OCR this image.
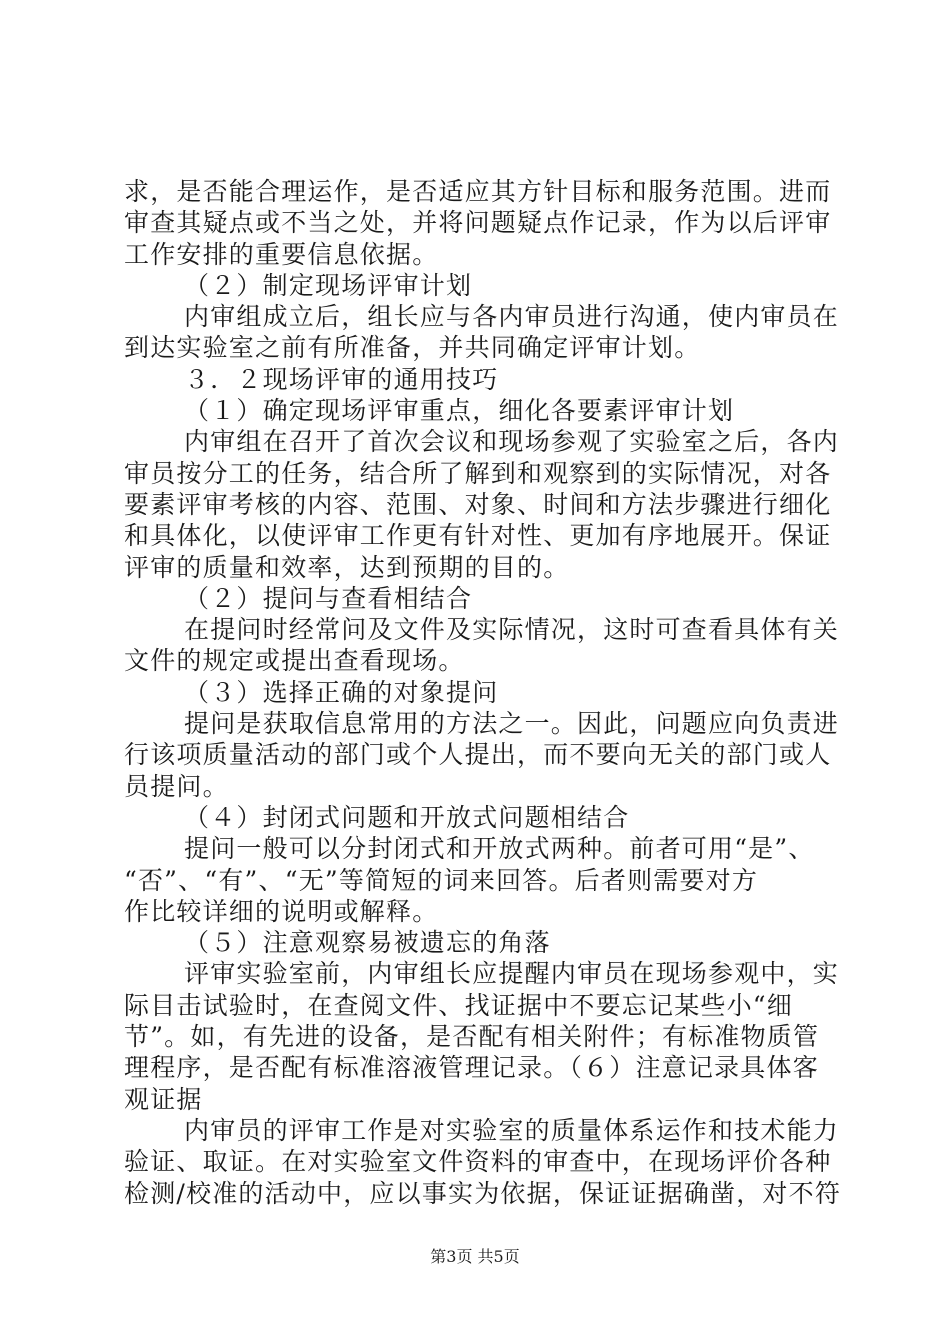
求，是否能合理运作，是否适应其方针目标和服务范围。进而
审查其疑点或不当之处，并将问题疑点作记录，作为以后评审
工作安排的重要信息依据。
（２）制定现场评审计划
内审组成立后，组长应与各内审员进行沟通，使内审员在
到达实验室之前有所准备，并共同确定评审计划。
３．２现场评审的通用技巧
（１）确定现场评审重点，细化各要素评审计划
内审组在召开了首次会议和现场参观了实验室之后，各内
审员按分工的任务，结合所了解到和观察到的实际情况，对各
要素评审考核的内容、范围、对象、时间和方法步骤进行细化
和具体化，以使评审工作更有针对性、更加有序地展开。保证
评审的质量和效率，达到预期的目的。
（２）提问与查看相结合
在提问时经常问及文件及实际情况，这时可查看具体有关
文件的规定或提出查看现场。
（３）选择正确的对象提问
提问是获取信息常用的方法之一。因此，问题应向负责进
行该项质量活动的部门或个人提出，而不要向无关的部门或人
员提问。
（４）封闭式问题和开放式问题相结合
提问一般可以分封闭式和开放式两种。前者可用“是”、
“否”、“有”、“无”等简短的词来回答。后者则需要对方
作比较详细的说明或解释。
（５）注意观察易被遗忘的角落
评审实验室前，内审组长应提醒内审员在现场参观中，实
际目击试验时，在查阅文件、找证据中不要忘记某些小“细
节”。如，有先进的设备，是否配有相关附件；有标准物质管
理程序，是否配有标准溶液管理记录。（６）注意记录具体客
观证据
内审员的评审工作是对实验室的质量体系运作和技术能力
验证、取证。在对实验室文件资料的审查中，在现场评价各种
检测/校准的活动中，应以事实为依据，保证证据确凿，对不符
第3页 共5页
